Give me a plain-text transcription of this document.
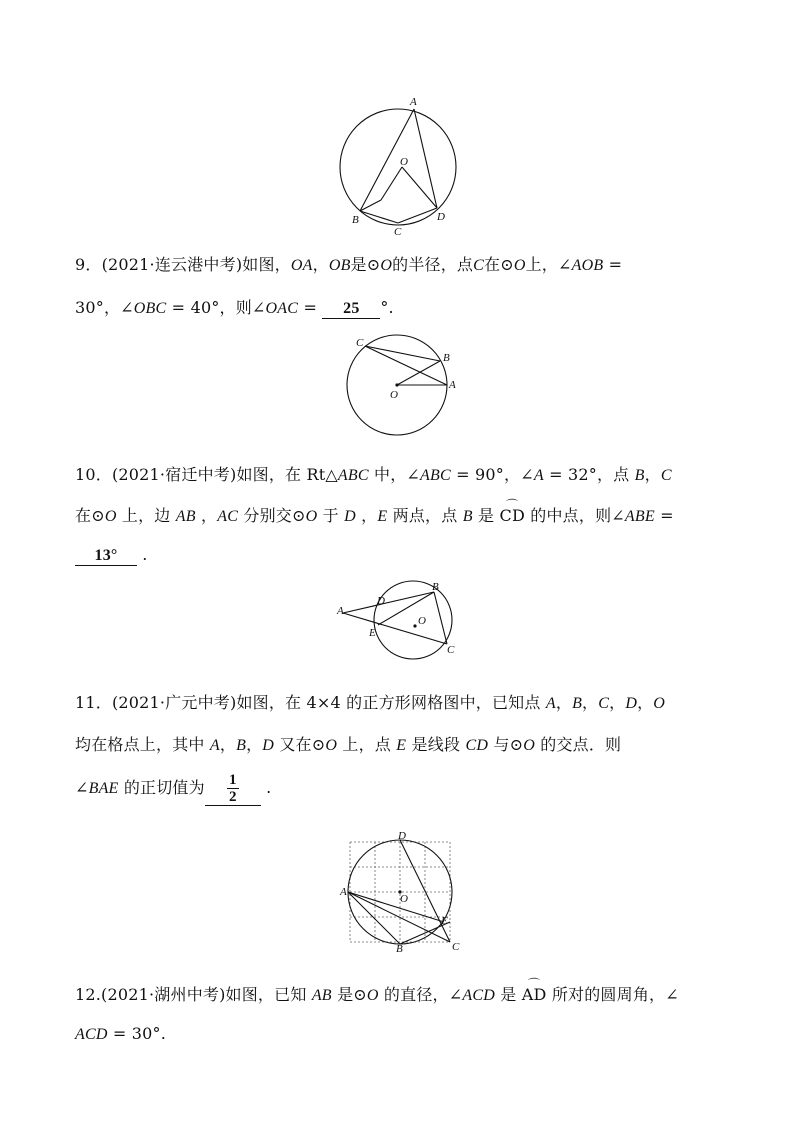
A
O
B
C
D
9．(2021·连云港中考)如图，OA，OB是⊙O的半径，点C在⊙O上，∠AOB =
30°，∠OBC = 40°，则∠OAC = 25 °.
C
B
O
A
10．(2021·宿迁中考)如图，在 Rt△ABC 中，∠ABC = 90°，∠A = 32°，点 B，C
在⊙O 上，边 AB ，AC 分别交⊙O 于 D ，E 两点，点 B 是 ⌒ CD 的中点，则∠ABE =
13° .
A
D
B
O
E
C
11．(2021·广元中考)如图，在 4×4 的正方形网格图中，已知点 A，B，C，D，O
均在格点上，其中 A，B，D 又在⊙O 上，点 E 是线段 CD 与⊙O 的交点．则
∠BAE 的正切值为 $\frac{1}{2}$ .
D
A
O
E
B	C
12.(2021·湖州中考)如图，已知 AB 是⊙O 的直径，∠ACD 是 ⌒ AD 所对的圆周角，∠
ACD = 30°.
